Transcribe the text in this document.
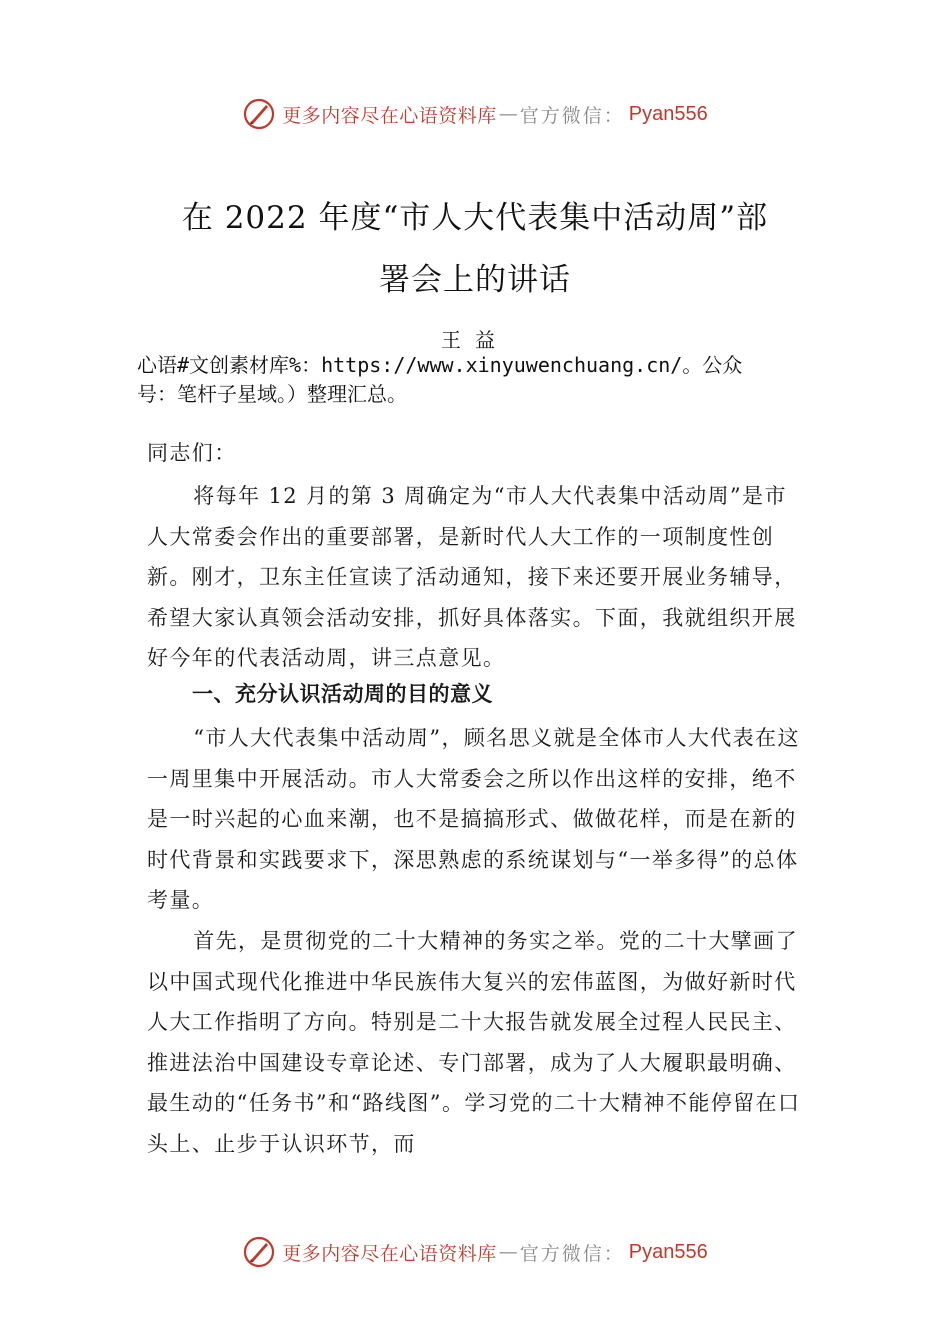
更多内容尽在心语资料库 — 官方微信： Pyan556
在 2022 年度“市人大代表集中活动周”部
署会上的讲话
王益
心语#文创素材库%：https://www.xinyuwenchuang.cn/。公众
号：笔杆子星域。）整理汇总。
同志们：

将每年 12 月的第 3 周确定为“市人大代表集中活动周”是市人大常委会作出的重要部署，是新时代人大工作的一项制度性创新。刚才，卫东主任宣读了活动通知，接下来还要开展业务辅导，希望大家认真领会活动安排，抓好具体落实。下面，我就组织开展好今年的代表活动周，讲三点意见。

一、充分认识活动周的目的意义

“市人大代表集中活动周”，顾名思义就是全体市人大代表在这一周里集中开展活动。市人大常委会之所以作出这样的安排，绝不是一时兴起的心血来潮，也不是搞搞形式、做做花样，而是在新的时代背景和实践要求下，深思熟虑的系统谋划与“一举多得”的总体考量。

首先，是贯彻党的二十大精神的务实之举。党的二十大擘画了以中国式现代化推进中华民族伟大复兴的宏伟蓝图，为做好新时代人大工作指明了方向。特别是二十大报告就发展全过程人民民主、推进法治中国建设专章论述、专门部署，成为了人大履职最明确、最生动的“任务书”和“路线图”。学习党的二十大精神不能停留在口头上、止步于认识环节，而

更多内容尽在心语资料库 — 官方微信： Pyan556
